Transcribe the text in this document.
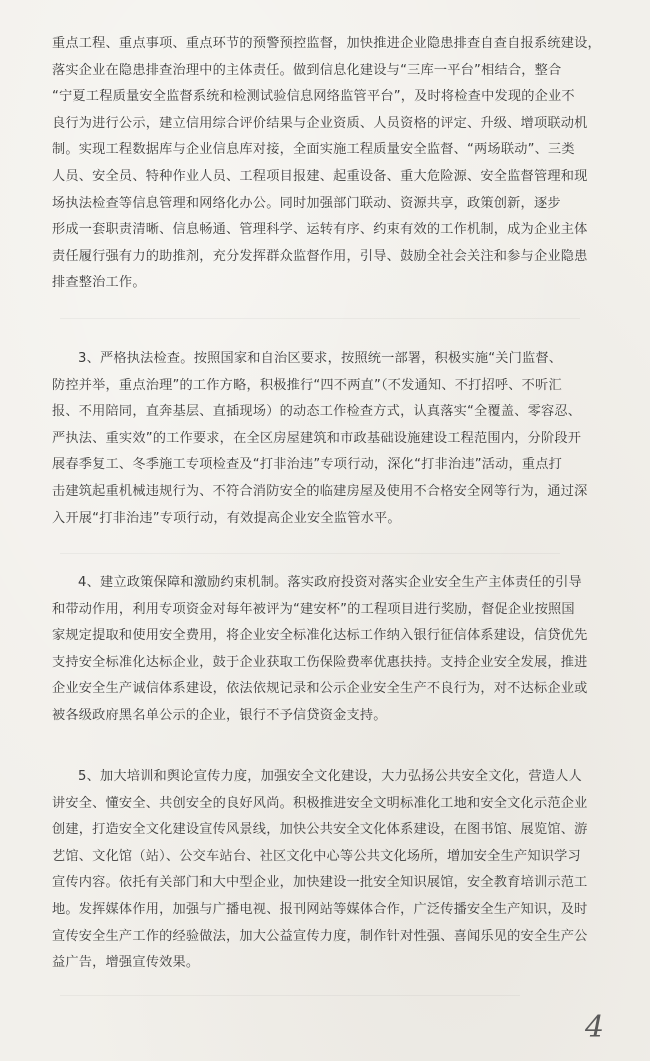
重点工程、重点事项、重点环节的预警预控监督，加快推进企业隐患排查自查自报系统建设，
落实企业在隐患排查治理中的主体责任。做到信息化建设与“三库一平台”相结合，整合
“宁夏工程质量安全监督系统和检测试验信息网络监管平台”，及时将检查中发现的企业不
良行为进行公示，建立信用综合评价结果与企业资质、人员资格的评定、升级、增项联动机
制。实现工程数据库与企业信息库对接，全面实施工程质量安全监督、“两场联动”、三类
人员、安全员、特种作业人员、工程项目报建、起重设备、重大危险源、安全监督管理和现
场执法检查等信息管理和网络化办公。同时加强部门联动、资源共享，政策创新，逐步
形成一套职责清晰、信息畅通、管理科学、运转有序、约束有效的工作机制，成为企业主体
责任履行强有力的助推剂，充分发挥群众监督作用，引导、鼓励全社会关注和参与企业隐患
排查整治工作。
3、严格执法检查。按照国家和自治区要求，按照统一部署，积极实施“关门监督、
防控并举，重点治理”的工作方略，积极推行“四不两直”（不发通知、不打招呼、不听汇
报、不用陪同，直奔基层、直插现场）的动态工作检查方式，认真落实“全覆盖、零容忍、
严执法、重实效”的工作要求，在全区房屋建筑和市政基础设施建设工程范围内，分阶段开
展春季复工、冬季施工专项检查及“打非治违”专项行动，深化“打非治违”活动，重点打
击建筑起重机械违规行为、不符合消防安全的临建房屋及使用不合格安全网等行为，通过深
入开展“打非治违”专项行动，有效提高企业安全监管水平。
4、建立政策保障和激励约束机制。落实政府投资对落实企业安全生产主体责任的引导
和带动作用，利用专项资金对每年被评为“建安杯”的工程项目进行奖励，督促企业按照国
家规定提取和使用安全费用，将企业安全标准化达标工作纳入银行征信体系建设，信贷优先
支持安全标准化达标企业，鼓于企业获取工伤保险费率优惠扶持。支持企业安全发展，推进
企业安全生产诚信体系建设，依法依规记录和公示企业安全生产不良行为，对不达标企业或
被各级政府黑名单公示的企业，银行不予信贷资金支持。
5、加大培训和舆论宣传力度，加强安全文化建设，大力弘扬公共安全文化，营造人人
讲安全、懂安全、共创安全的良好风尚。积极推进安全文明标准化工地和安全文化示范企业
创建，打造安全文化建设宣传风景线，加快公共安全文化体系建设，在图书馆、展览馆、游
艺馆、文化馆（站）、公交车站台、社区文化中心等公共文化场所，增加安全生产知识学习
宣传内容。依托有关部门和大中型企业，加快建设一批安全知识展馆，安全教育培训示范工
地。发挥媒体作用，加强与广播电视、报刊网站等媒体合作，广泛传播安全生产知识，及时
宣传安全生产工作的经验做法，加大公益宣传力度，制作针对性强、喜闻乐见的安全生产公
益广告，增强宣传效果。
4
